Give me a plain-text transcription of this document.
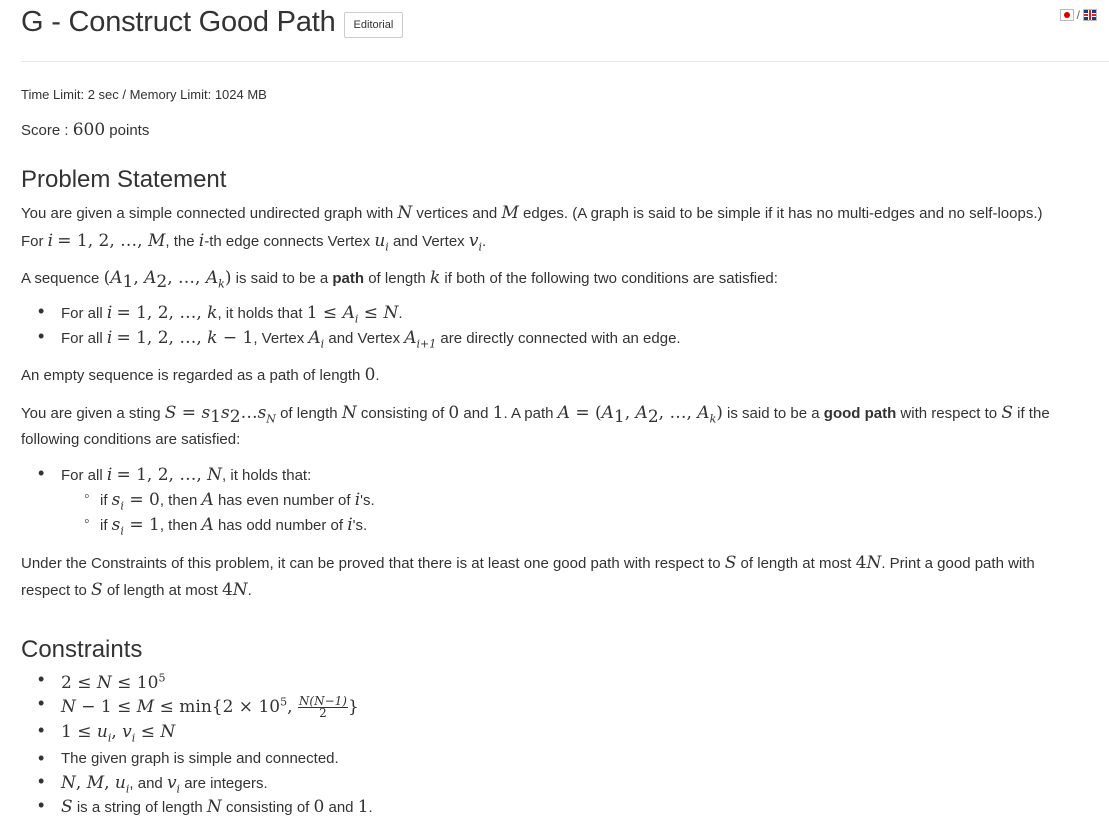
G - Construct Good Path	Editorial
/
Time Limit: 2 sec / Memory Limit: 1024 MB
Score : 600 points
Problem Statement
You are given a simple connected undirected graph with N vertices and M edges. (A graph is said to be simple if it has no multi-edges and no self-loops.)
For i = 1, 2, …, M, the i-th edge connects Vertex $u_i$ and Vertex $v_i$.
A sequence ($A_1$, $A_2$, …, $A_k$) is said to be a path of length k if both of the following two conditions are satisfied:
• For all i = 1, 2, …, k, it holds that $1 \le A_i \le N$.
• For all i = 1, 2, …, k − 1, Vertex $A_i$ and Vertex $A_{i+1}$ are directly connected with an edge.
An empty sequence is regarded as a path of length 0.
You are given a sting $S = s_1s_2\dots s_N$ of length N consisting of 0 and 1. A path $A = (A_1$, $A_2$, …, $A_k$) is said to be a good path with respect to S if the
following conditions are satisfied:
• For all i = 1, 2, …, N, it holds that:
◦ if $s_i = 0$, then A has even number of i's.
◦ if $s_i = 1$, then A has odd number of i's.
Under the Constraints of this problem, it can be proved that there is at least one good path with respect to S of length at most 4N. Print a good path with
respect to S of length at most 4N.
Constraints
• $2 \le N \le 10^5$
• $N - 1 \le M \le \min\{2 \times 10^5$, $\frac{N(N-1)}{2}$ }
• $1 \le u_i$, $v_i \le N$
• The given graph is simple and connected.
• N, M, $u_i$, and $v_i$ are integers.
• S is a string of length N consisting of 0 and 1.
